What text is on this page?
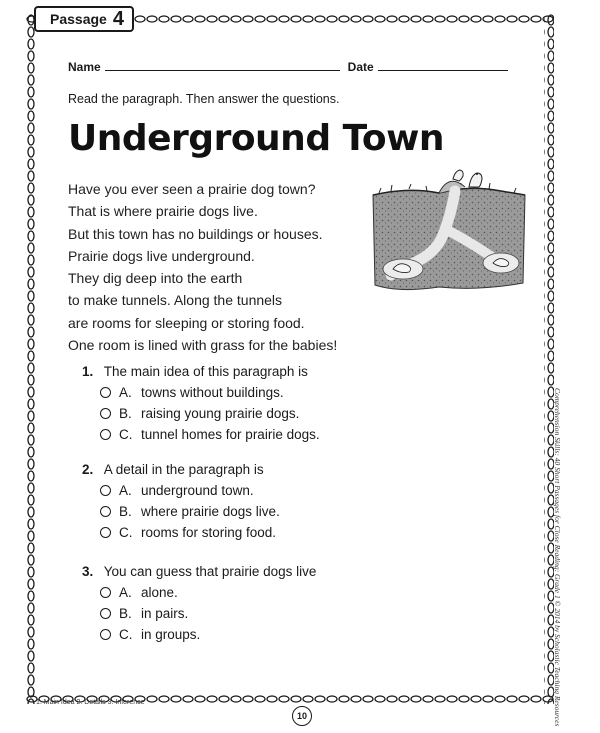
Passage 4
Name	Date
Read the paragraph. Then answer the questions.
Underground Town
Have you ever seen a prairie dog town?
That is where prairie dogs live.
But this town has no buildings or houses.
Prairie dogs live underground.
They dig deep into the earth
to make tunnels. Along the tunnels
are rooms for sleeping or storing food.
One room is lined with grass for the babies!
1. The main idea of this paragraph is
A. towns without buildings.
B. raising young prairie dogs.
C. tunnel homes for prairie dogs.
2. A detail in the paragraph is
A. underground town.
B. where prairie dogs live.
C. rooms for storing food.
3. You can guess that prairie dogs live
A. alone.
B. in pairs.
C. in groups.
1. Main Idea 2. Details 3. Inference
10	Comprehension Skills: 40 Short Passages for Close Reading: Grade 1 © 2014 by Scholastic Teaching Resources
